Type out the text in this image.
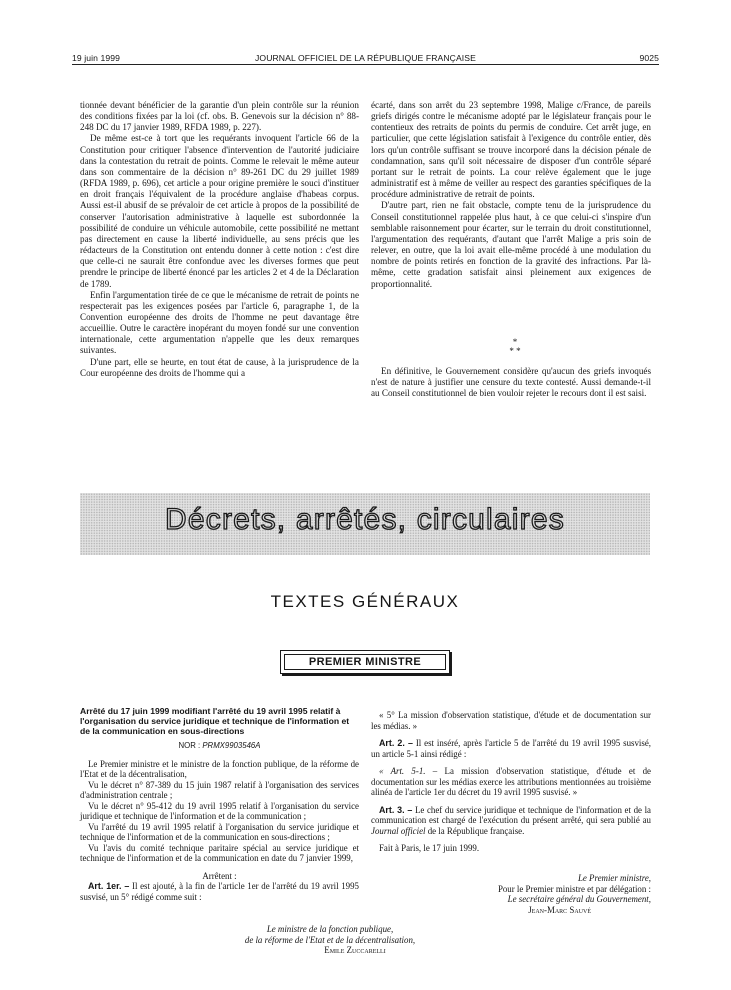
19 juin 1999	JOURNAL OFFICIEL DE LA RÉPUBLIQUE FRANÇAISE	9025

tionnée devant bénéficier de la garantie d'un plein contrôle sur la réunion des conditions fixées par la loi (cf. obs. B. Genevois sur la décision n° 88-248 DC du 17 janvier 1989, RFDA 1989, p. 227).

De même est-ce à tort que les requérants invoquent l'article 66 de la Constitution pour critiquer l'absence d'intervention de l'autorité judiciaire dans la contestation du retrait de points. Comme le relevait le même auteur dans son commentaire de la décision n° 89-261 DC du 29 juillet 1989 (RFDA 1989, p. 696), cet article a pour origine première le souci d'instituer en droit français l'équivalent de la procédure anglaise d'habeas corpus. Aussi est-il abusif de se prévaloir de cet article à propos de la possibilité de conserver l'autorisation administrative à laquelle est subordonnée la possibilité de conduire un véhicule automobile, cette possibilité ne mettant pas directement en cause la liberté individuelle, au sens précis que les rédacteurs de la Constitution ont entendu donner à cette notion : c'est dire que celle-ci ne saurait être confondue avec les diverses formes que peut prendre le principe de liberté énoncé par les articles 2 et 4 de la Déclaration de 1789.

Enfin l'argumentation tirée de ce que le mécanisme de retrait de points ne respecterait pas les exigences posées par l'article 6, paragraphe 1, de la Convention européenne des droits de l'homme ne peut davantage être accueillie. Outre le caractère inopérant du moyen fondé sur une convention internationale, cette argumentation n'appelle que les deux remarques suivantes.

D'une part, elle se heurte, en tout état de cause, à la jurisprudence de la Cour européenne des droits de l'homme qui a

écarté, dans son arrêt du 23 septembre 1998, Malige c/France, de pareils griefs dirigés contre le mécanisme adopté par le législateur français pour le contentieux des retraits de points du permis de conduire. Cet arrêt juge, en particulier, que cette législation satisfait à l'exigence du contrôle entier, dès lors qu'un contrôle suffisant se trouve incorporé dans la décision pénale de condamnation, sans qu'il soit nécessaire de disposer d'un contrôle séparé portant sur le retrait de points. La cour relève également que le juge administratif est à même de veiller au respect des garanties spécifiques de la procédure administrative de retrait de points.

D'autre part, rien ne fait obstacle, compte tenu de la jurisprudence du Conseil constitutionnel rappelée plus haut, à ce que celui-ci s'inspire d'un semblable raisonnement pour écarter, sur le terrain du droit constitutionnel, l'argumentation des requérants, d'autant que l'arrêt Malige a pris soin de relever, en outre, que la loi avait elle-même procédé à une modulation du nombre de points retirés en fonction de la gravité des infractions. Par là-même, cette gradation satisfait ainsi pleinement aux exigences de proportionnalité.

*
* *

En définitive, le Gouvernement considère qu'aucun des griefs invoqués n'est de nature à justifier une censure du texte contesté. Aussi demande-t-il au Conseil constitutionnel de bien vouloir rejeter le recours dont il est saisi.

Décrets, arrêtés, circulaires
TEXTES GÉNÉRAUX
PREMIER MINISTRE

Arrêté du 17 juin 1999 modifiant l'arrêté du 19 avril 1995 relatif à l'organisation du service juridique et technique de l'information et de la communication en sous-directions

NOR : PRMX9903546A

Le Premier ministre et le ministre de la fonction publique, de la réforme de l'Etat et de la décentralisation,

Vu le décret n° 87-389 du 15 juin 1987 relatif à l'organisation des services d'administration centrale ;

Vu le décret n° 95-412 du 19 avril 1995 relatif à l'organisation du service juridique et technique de l'information et de la communication ;

Vu l'arrêté du 19 avril 1995 relatif à l'organisation du service juridique et technique de l'information et de la communication en sous-directions ;

Vu l'avis du comité technique paritaire spécial au service juridique et technique de l'information et de la communication en date du 7 janvier 1999,

Arrêtent :

Art. 1er. – Il est ajouté, à la fin de l'article 1er de l'arrêté du 19 avril 1995 susvisé, un 5° rédigé comme suit :

« 5° La mission d'observation statistique, d'étude et de documentation sur les médias. »

Art. 2. – Il est inséré, après l'article 5 de l'arrêté du 19 avril 1995 susvisé, un article 5-1 ainsi rédigé :

« Art. 5-1. – La mission d'observation statistique, d'étude et de documentation sur les médias exerce les attributions mentionnées au troisième alinéa de l'article 1er du décret du 19 avril 1995 susvisé. »

Art. 3. – Le chef du service juridique et technique de l'information et de la communication est chargé de l'exécution du présent arrêté, qui sera publié au Journal officiel de la République française.

Fait à Paris, le 17 juin 1999.

Le Premier ministre,
Pour le Premier ministre et par délégation :
Le secrétaire général du Gouvernement,
Jean-Marc Sauvé
Le ministre de la fonction publique,
de la réforme de l'Etat et de la décentralisation,
Emile Zuccarelli
